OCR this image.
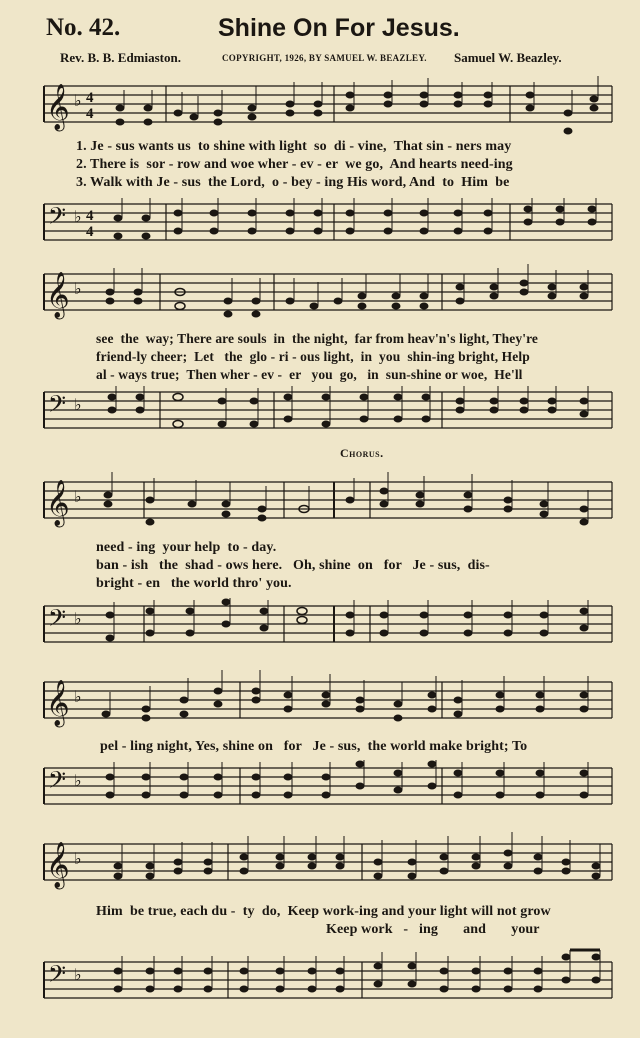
No. 42.	Shine On For Jesus.
Rev. B. B. Edmiaston.	COPYRIGHT, 1926, BY SAMUEL W. BEAZLEY. Samuel W. Beazley.
𝄞 ♭ 4
4
1. Je - sus wants us  to shine with light  so  di - vine,  That sin - ners may
2. There is  sor - row and woe wher - ev - er  we go,  And hearts need-ing
3. Walk with Je - sus  the Lord,  o - bey - ing His word, And  to  Him  be
𝄢 ♭ 4
4
𝄞 ♭
see  the  way; There are souls  in  the night,  far from heav'n's light, They're
friend-ly cheer;  Let   the  glo - ri - ous light,  in  you  shin-ing bright, Help
al - ways true;  Then wher - ev -  er   you  go,   in  sun-shine or woe,  He'll
𝄢 ♭
Chorus.
𝄞 ♭
need - ing  your help  to - day.
ban - ish   the  shad - ows here.   Oh, shine  on   for   Je - sus,  dis-
bright - en   the world thro' you.
𝄢 ♭
𝄞 ♭
pel - ling night, Yes, shine on   for   Je - sus,  the world make bright; To
𝄢 ♭
𝄞 ♭
Him  be true, each du -  ty  do,  Keep work-ing and your light will not grow
Keep work   -   ing       and       your
𝄢 ♭
